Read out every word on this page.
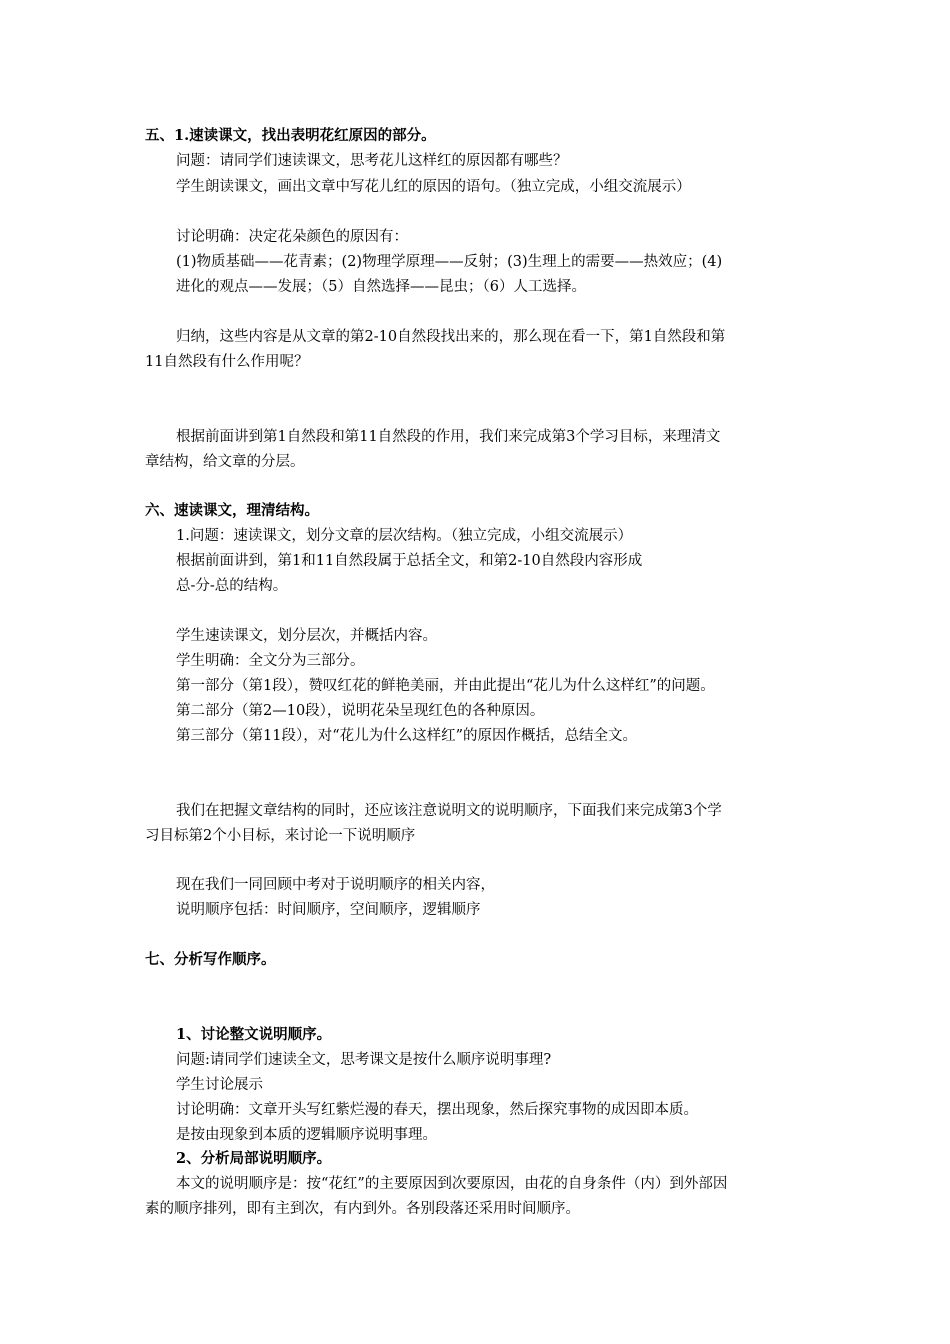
五、1.速读课文，找出表明花红原因的部分。
问题：请同学们速读课文，思考花儿这样红的原因都有哪些？
学生朗读课文，画出文章中写花儿红的原因的语句。（独立完成，小组交流展示）
讨论明确：决定花朵颜色的原因有：
(1)物质基础——花青素；(2)物理学原理——反射；(3)生理上的需要——热效应；(4)
进化的观点——发展；（5）自然选择——昆虫；（6）人工选择。
归纳，这些内容是从文章的第2-10自然段找出来的，那么现在看一下，第1自然段和第
11自然段有什么作用呢？
根据前面讲到第1自然段和第11自然段的作用，我们来完成第3个学习目标，来理清文
章结构，给文章的分层。
六、速读课文，理清结构。
1.问题：速读课文，划分文章的层次结构。（独立完成，小组交流展示）
根据前面讲到，第1和11自然段属于总括全文，和第2-10自然段内容形成
总-分-总的结构。
学生速读课文，划分层次，并概括内容。
学生明确：全文分为三部分。
第一部分（第1段），赞叹红花的鲜艳美丽，并由此提出“花儿为什么这样红”的问题。
第二部分（第2—10段），说明花朵呈现红色的各种原因。
第三部分（第11段），对“花儿为什么这样红”的原因作概括，总结全文。
我们在把握文章结构的同时，还应该注意说明文的说明顺序，下面我们来完成第3个学
习目标第2个小目标，来讨论一下说明顺序
现在我们一同回顾中考对于说明顺序的相关内容，
说明顺序包括：时间顺序，空间顺序，逻辑顺序
七、分析写作顺序。
1、讨论整文说明顺序。
问题:请同学们速读全文，思考课文是按什么顺序说明事理?
学生讨论展示
讨论明确：文章开头写红紫烂漫的春天，摆出现象，然后探究事物的成因即本质。
是按由现象到本质的逻辑顺序说明事理。
2、分析局部说明顺序。
本文的说明顺序是：按“花红”的主要原因到次要原因，由花的自身条件（内）到外部因
素的顺序排列，即有主到次，有内到外。各别段落还采用时间顺序。
